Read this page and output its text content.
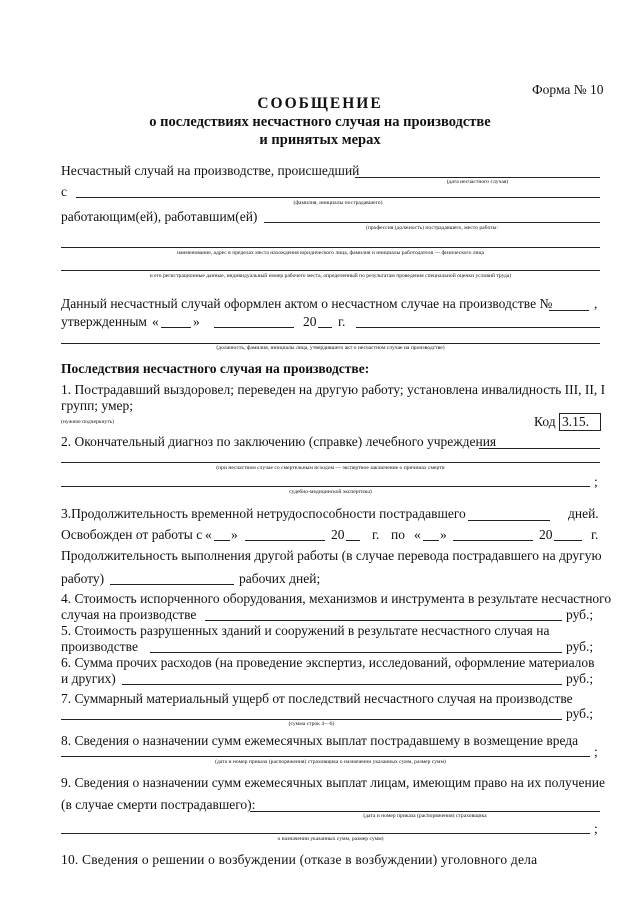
Форма № 10
СООБЩЕНИЕ
о последствиях несчастного случая на производстве
и принятых мерах
Несчастный случай на производстве, происшедший
(дата несчастного случая)
с
(фамилия, инициалы пострадавшего)
работающим(ей), работавшим(ей)
(профессия (должность) пострадавшего, место работы:
наименование, адрес в пределах места нахождения юридического лица, фамилия и инициалы работодателя — физического лица
и его регистрационные данные, индивидуальный номер рабочего места, определенный по результатам проведения специальной оценки условий труда)
Данный несчастный случай оформлен актом о несчастном случае на производстве №	,
утвержденным «	»	20 г.
(должность, фамилия, инициалы лица, утвердившего акт о несчастном случае на производстве)
Последствия несчастного случая на производстве:
1. Пострадавший выздоровел; переведен на другую работу; установлена инвалидность III, II, I
групп; умер;
(нужное подчеркнуть)	Код 3.15.
2. Окончательный диагноз по заключению (справке) лечебного учреждения
(при несчастном случае со смертельным исходом — экспертное заключение о причинах смерти
;
судебно-медицинской экспертизы)
3.Продолжительность временной нетрудоспособности пострадавшего	дней.
Освобожден от работы с « »	20 г. по « »	20	г.
Продолжительность выполнения другой работы (в случае перевода пострадавшего на другую
работу)	рабочих дней;
4. Стоимость испорченного оборудования, механизмов и инструмента в результате несчастного
случая на производстве	руб.;
5. Стоимость разрушенных зданий и сооружений в результате несчастного случая на
производстве	руб.;
6. Сумма прочих расходов (на проведение экспертиз, исследований, оформление материалов
и других)	руб.;
7. Суммарный материальный ущерб от последствий несчастного случая на производстве
руб.;
(сумма строк 4—6)
8. Сведения о назначении сумм ежемесячных выплат пострадавшему в возмещение вреда
;
(дата и номер приказа (распоряжения) страховщика о назначении указанных сумм, размер сумм)
9. Сведения о назначении сумм ежемесячных выплат лицам, имеющим право на их получение
(в случае смерти пострадавшего):
(дата и номер приказа (распоряжения) страховщика
;
о назначении указанных сумм, размер сумм)
10. Сведения о решении о возбуждении (отказе в возбуждении) уголовного дела
